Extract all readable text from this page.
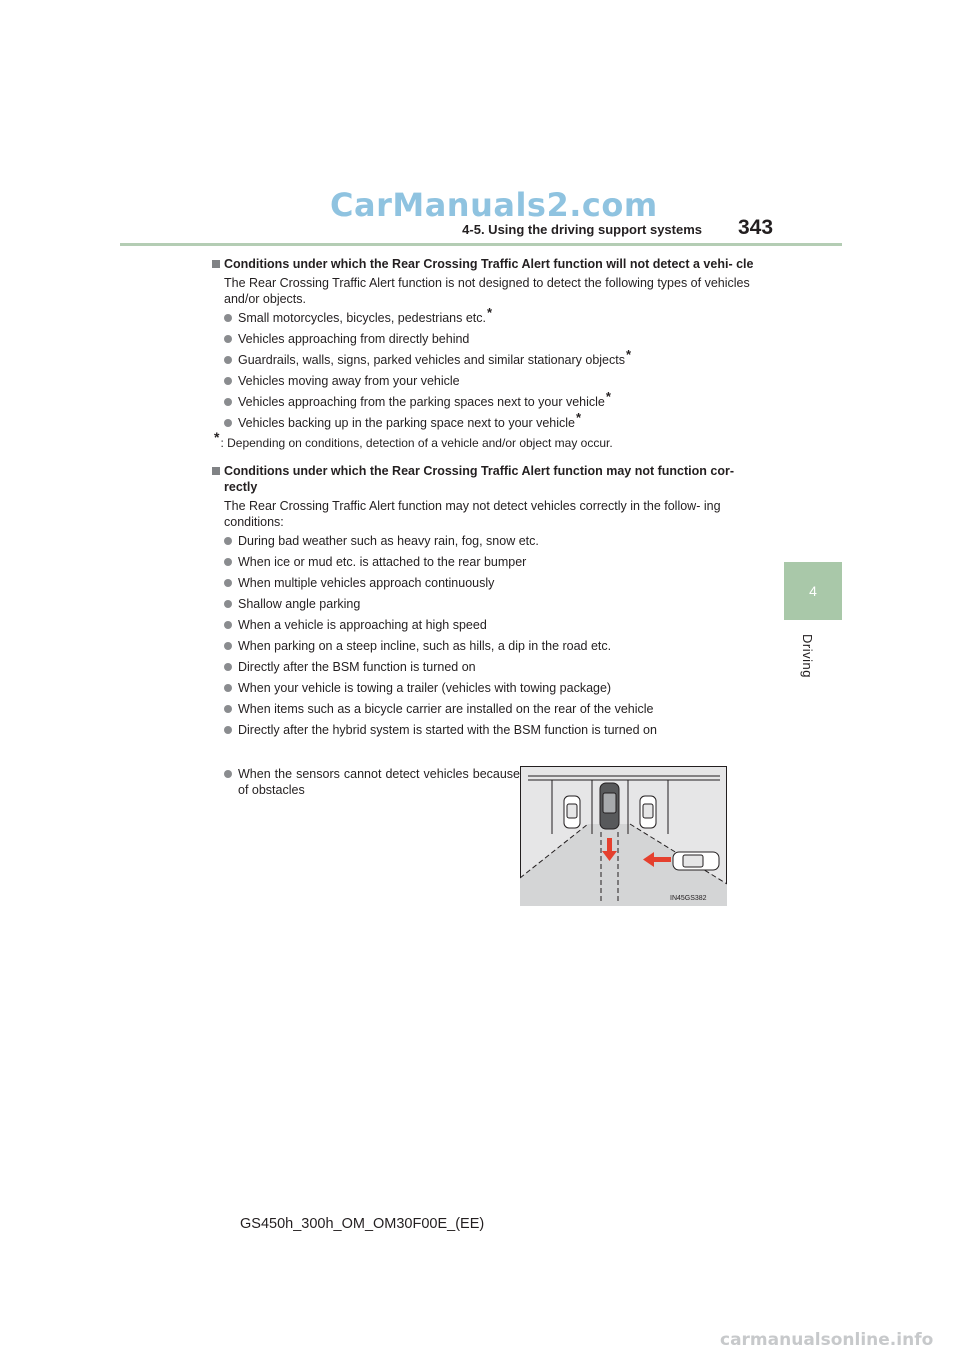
CarManuals2.com
4-5. Using the driving support systems 343
4
Driving
Conditions under which the Rear Crossing Traffic Alert function will not detect a vehi- cle
The Rear Crossing Traffic Alert function is not designed to detect the following types of vehicles and/or objects.
Small motorcycles, bicycles, pedestrians etc.*
Vehicles approaching from directly behind
Guardrails, walls, signs, parked vehicles and similar stationary objects*
Vehicles moving away from your vehicle
Vehicles approaching from the parking spaces next to your vehicle*
Vehicles backing up in the parking space next to your vehicle*
*: Depending on conditions, detection of a vehicle and/or object may occur.
Conditions under which the Rear Crossing Traffic Alert function may not function cor- rectly
The Rear Crossing Traffic Alert function may not detect vehicles correctly in the follow- ing conditions:
During bad weather such as heavy rain, fog, snow etc.
When ice or mud etc. is attached to the rear bumper
When multiple vehicles approach continuously
Shallow angle parking
When a vehicle is approaching at high speed
When parking on a steep incline, such as hills, a dip in the road etc.
Directly after the BSM function is turned on
When your vehicle is towing a trailer (vehicles with towing package)
When items such as a bicycle carrier are installed on the rear of the vehicle
Directly after the hybrid system is started with the BSM function is turned on
When the sensors cannot detect vehicles because of obstacles
IN45GS382
GS450h_300h_OM_OM30F00E_(EE)
carmanualsonline.info
